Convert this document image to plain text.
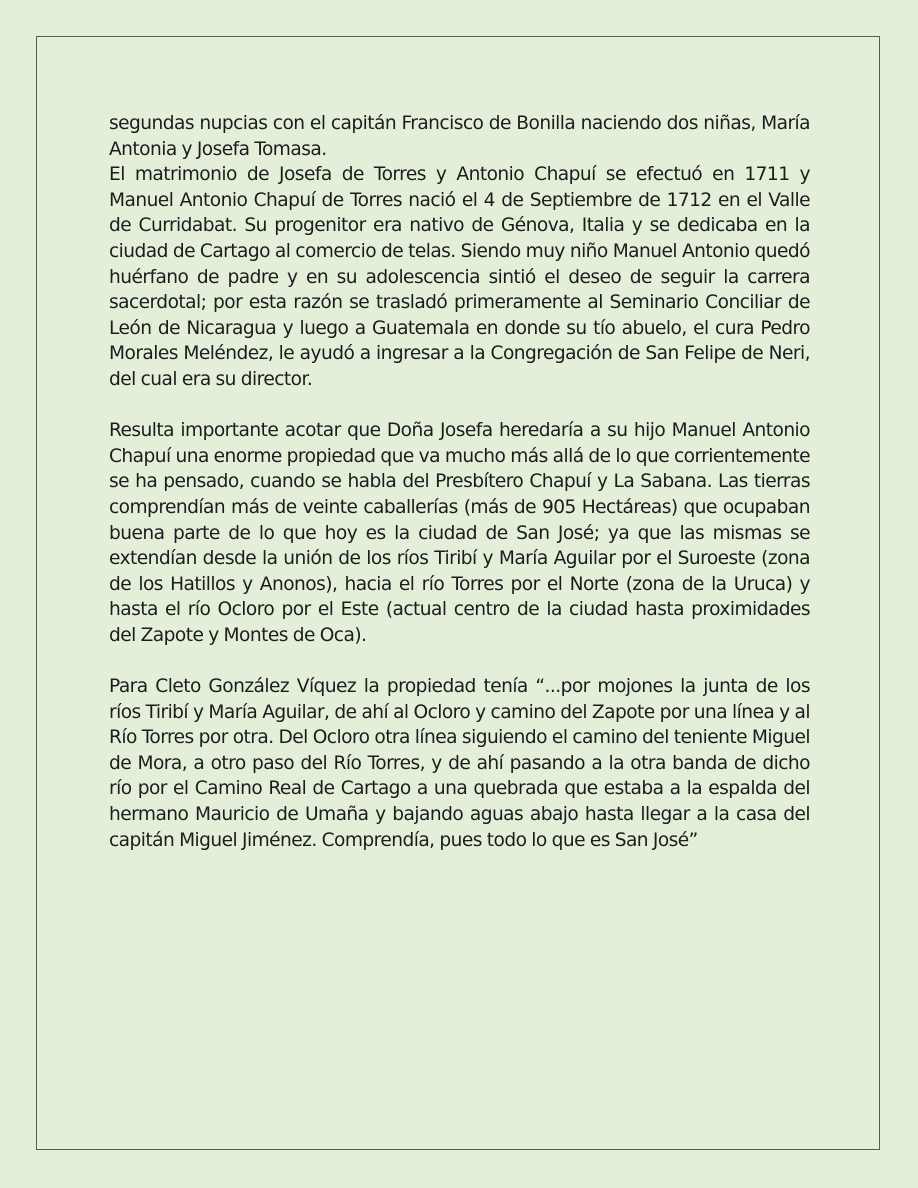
segundas nupcias con el capitán Francisco de Bonilla naciendo dos niñas, María Antonia y Josefa Tomasa.

El matrimonio de Josefa de Torres y Antonio Chapuí se efectuó en 1711 y Manuel Antonio Chapuí de Torres nació el 4 de Septiembre de 1712 en el Valle de Curridabat. Su progenitor era nativo de Génova, Italia y se dedicaba en la ciudad de Cartago al comercio de telas. Siendo muy niño Manuel Antonio quedó huérfano de padre y en su adolescencia sintió el deseo de seguir la carrera sacerdotal; por esta razón se trasladó primeramente al Seminario Conciliar de León de Nicaragua y luego a Guatemala en donde su tío abuelo, el cura Pedro Morales Meléndez, le ayudó a ingresar a la Congregación de San Felipe de Neri, del cual era su director.

Resulta importante acotar que Doña Josefa heredaría a su hijo Manuel Antonio Chapuí una enorme propiedad que va mucho más allá de lo que corrientemente se ha pensado, cuando se habla del Presbítero Chapuí y La Sabana. Las tierras comprendían más de veinte caballerías (más de 905 Hectáreas) que ocupaban buena parte de lo que hoy es la ciudad de San José; ya que las mismas se extendían desde la unión de los ríos Tiribí y María Aguilar por el Suroeste (zona de los Hatillos y Anonos), hacia el río Torres por el Norte (zona de la Uruca) y hasta el río Ocloro por el Este (actual centro de la ciudad hasta proximidades del Zapote y Montes de Oca).

Para Cleto González Víquez la propiedad tenía “...por mojones la junta de los ríos Tiribí y María Aguilar, de ahí al Ocloro y camino del Zapote por una línea y al Río Torres por otra. Del Ocloro otra línea siguiendo el camino del teniente Miguel de Mora, a otro paso del Río Torres, y de ahí pasando a la otra banda de dicho río por el Camino Real de Cartago a una quebrada que estaba a la espalda del hermano Mauricio de Umaña y bajando aguas abajo hasta llegar a la casa del capitán Miguel Jiménez. Comprendía, pues todo lo que es San José”
